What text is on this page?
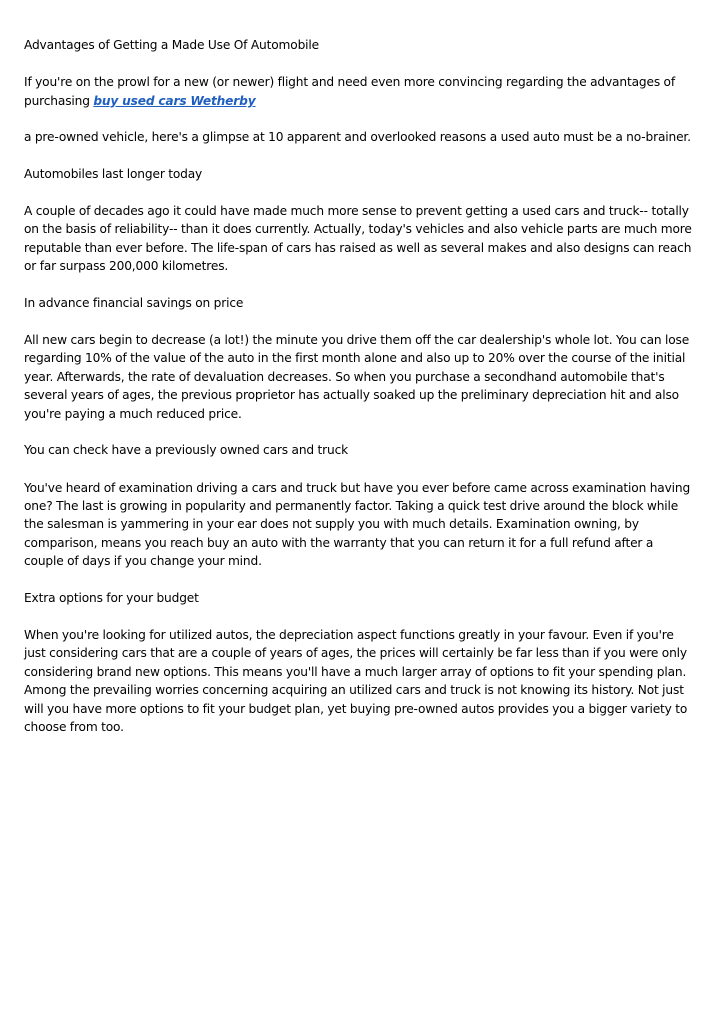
Advantages of Getting a Made Use Of Automobile

If you're on the prowl for a new (or newer) flight and need even more convincing regarding the advantages of purchasing buy used cars Wetherby

a pre-owned vehicle, here's a glimpse at 10 apparent and overlooked reasons a used auto must be a no-brainer.

Automobiles last longer today

A couple of decades ago it could have made much more sense to prevent getting a used cars and truck-- totally on the basis of reliability-- than it does currently. Actually, today's vehicles and also vehicle parts are much more reputable than ever before. The life-span of cars has raised as well as several makes and also designs can reach or far surpass 200,000 kilometres.

In advance financial savings on price

All new cars begin to decrease (a lot!) the minute you drive them off the car dealership's whole lot. You can lose regarding 10% of the value of the auto in the first month alone and also up to 20% over the course of the initial year. Afterwards, the rate of devaluation decreases. So when you purchase a secondhand automobile that's several years of ages, the previous proprietor has actually soaked up the preliminary depreciation hit and also you're paying a much reduced price.

You can check have a previously owned cars and truck

You've heard of examination driving a cars and truck but have you ever before came across examination having one? The last is growing in popularity and permanently factor. Taking a quick test drive around the block while the salesman is yammering in your ear does not supply you with much details. Examination owning, by comparison, means you reach buy an auto with the warranty that you can return it for a full refund after a couple of days if you change your mind.

Extra options for your budget

When you're looking for utilized autos, the depreciation aspect functions greatly in your favour. Even if you're just considering cars that are a couple of years of ages, the prices will certainly be far less than if you were only considering brand new options. This means you'll have a much larger array of options to fit your spending plan. Among the prevailing worries concerning acquiring an utilized cars and truck is not knowing its history. Not just will you have more options to fit your budget plan, yet buying pre-owned autos provides you a bigger variety to choose from too.
